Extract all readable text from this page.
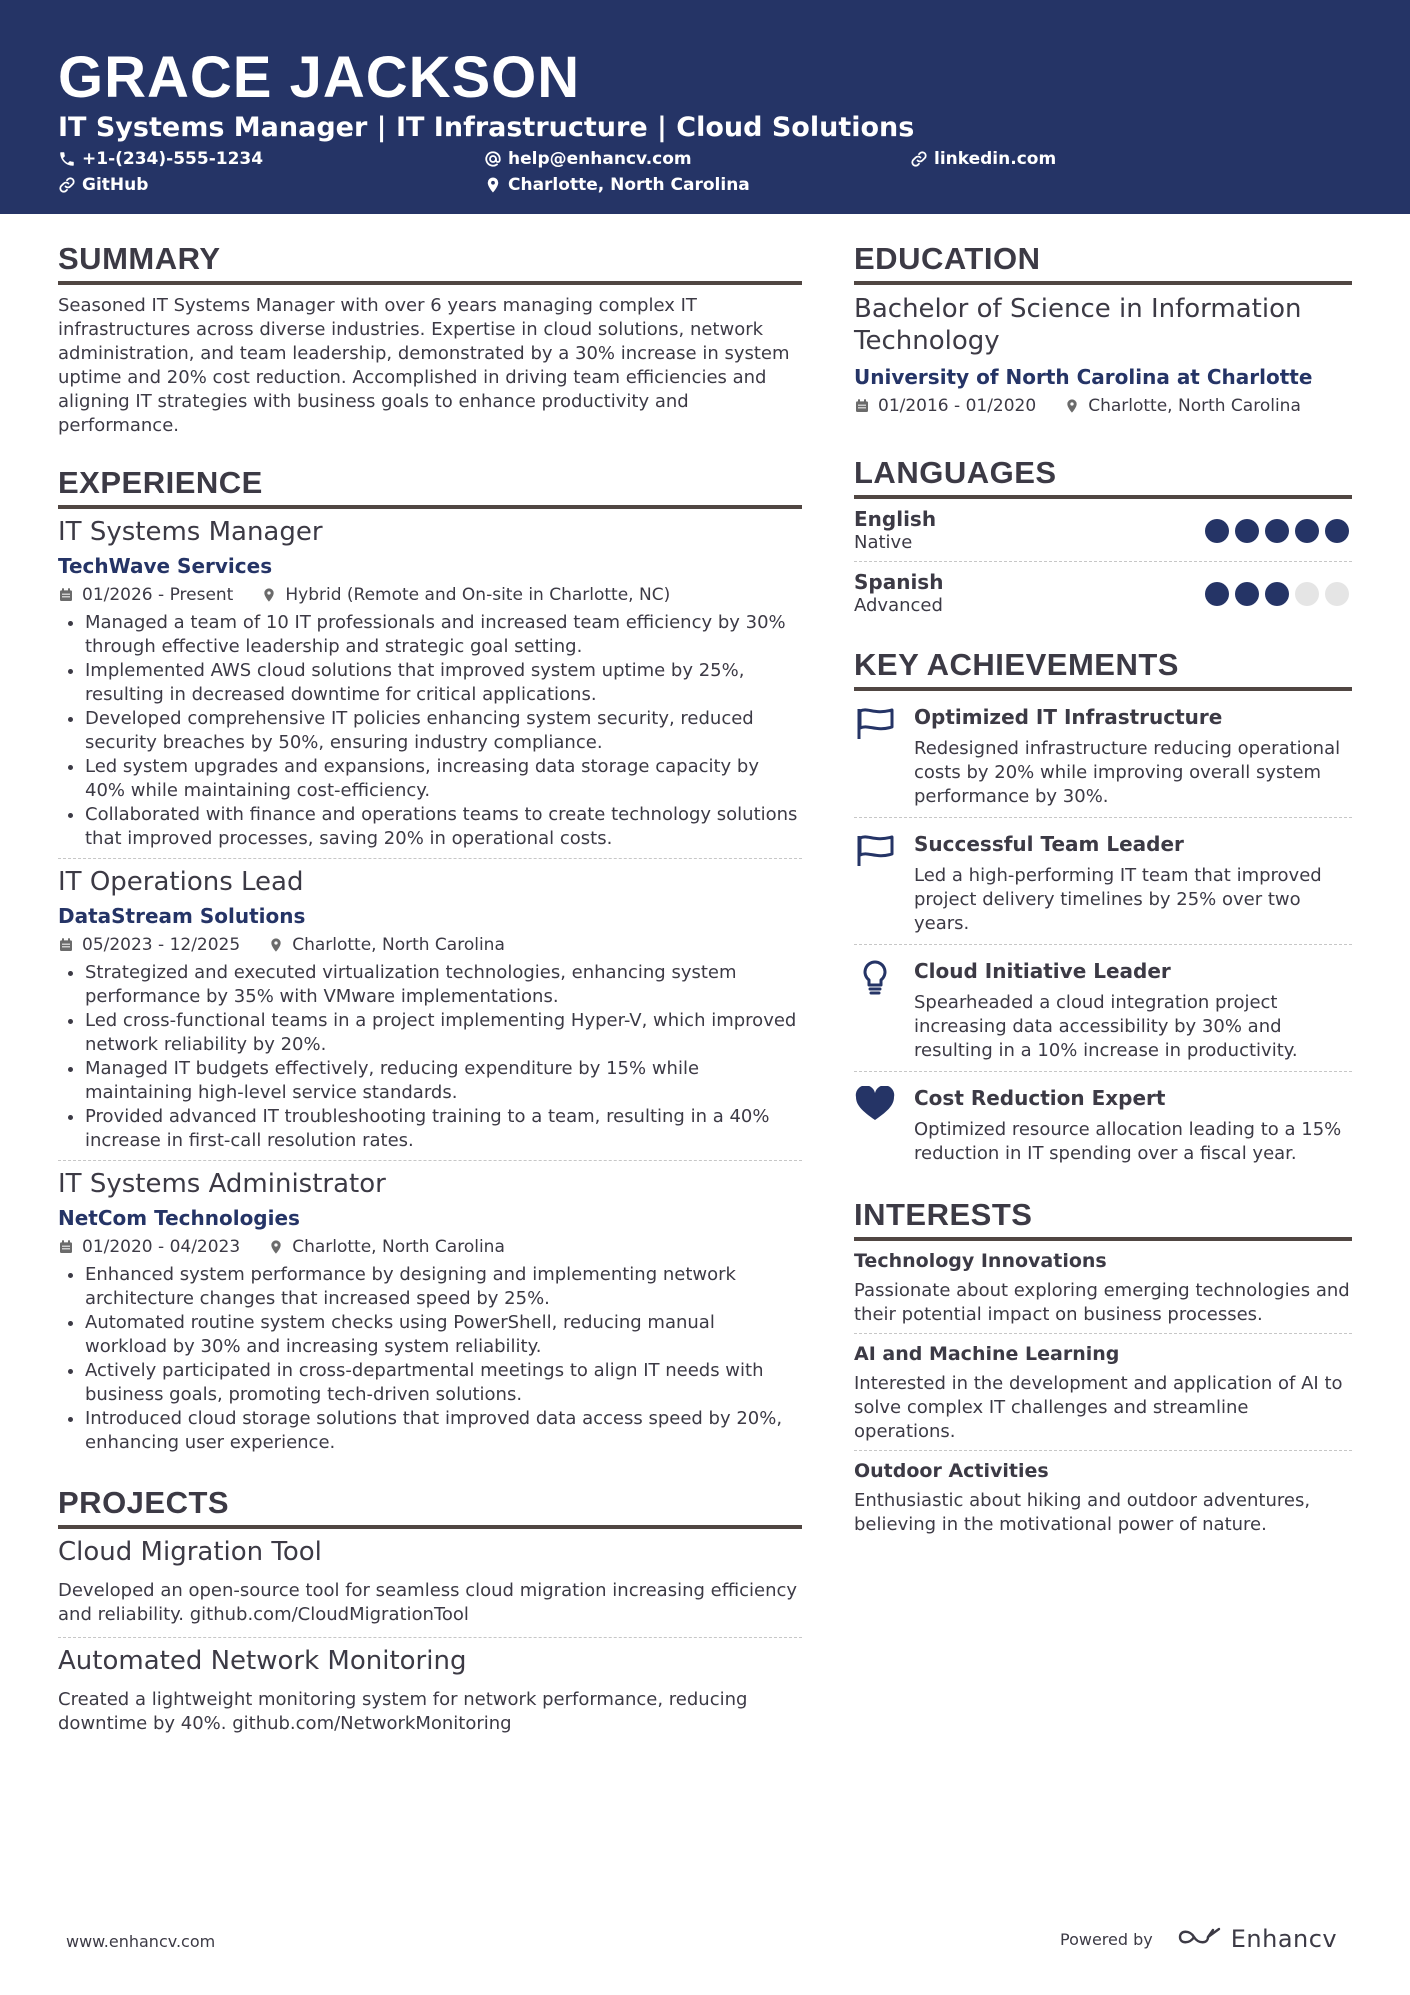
GRACE JACKSON

IT Systems Manager | IT Infrastructure | Cloud Solutions

+1-(234)-555-1234	help@enhancv.com	linkedin.com
GitHub	Charlotte, North Carolina
SUMMARY

Seasoned IT Systems Manager with over 6 years managing complex IT infrastructures across diverse industries. Expertise in cloud solutions, network administration, and team leadership, demonstrated by a 30% increase in system uptime and 20% cost reduction. Accomplished in driving team efficiencies and aligning IT strategies with business goals to enhance productivity and performance.

EXPERIENCE
IT Systems Manager
TechWave Services
01/2026 - Present	Hybrid (Remote and On-site in Charlotte, NC)
• Managed a team of 10 IT professionals and increased team efficiency by 30% through effective leadership and strategic goal setting.
• Implemented AWS cloud solutions that improved system uptime by 25%, resulting in decreased downtime for critical applications.
• Developed comprehensive IT policies enhancing system security, reduced security breaches by 50%, ensuring industry compliance.
• Led system upgrades and expansions, increasing data storage capacity by 40% while maintaining cost-efficiency.
• Collaborated with finance and operations teams to create technology solutions that improved processes, saving 20% in operational costs.
IT Operations Lead
DataStream Solutions
05/2023 - 12/2025	Charlotte, North Carolina
• Strategized and executed virtualization technologies, enhancing system performance by 35% with VMware implementations.
• Led cross-functional teams in a project implementing Hyper-V, which improved network reliability by 20%.
• Managed IT budgets effectively, reducing expenditure by 15% while maintaining high-level service standards.
• Provided advanced IT troubleshooting training to a team, resulting in a 40% increase in first-call resolution rates.
IT Systems Administrator
NetCom Technologies
01/2020 - 04/2023	Charlotte, North Carolina
• Enhanced system performance by designing and implementing network architecture changes that increased speed by 25%.
• Automated routine system checks using PowerShell, reducing manual workload by 30% and increasing system reliability.
• Actively participated in cross-departmental meetings to align IT needs with business goals, promoting tech-driven solutions.
• Introduced cloud storage solutions that improved data access speed by 20%, enhancing user experience.
PROJECTS
Cloud Migration Tool

Developed an open-source tool for seamless cloud migration increasing efficiency and reliability. github.com/CloudMigrationTool

Automated Network Monitoring

Created a lightweight monitoring system for network performance, reducing downtime by 40%. github.com/NetworkMonitoring

EDUCATION
Bachelor of Science in Information Technology
University of North Carolina at Charlotte
01/2016 - 01/2020	Charlotte, North Carolina
LANGUAGES
English
Native
Spanish
Advanced
KEY ACHIEVEMENTS
Optimized IT Infrastructure

Redesigned infrastructure reducing operational costs by 20% while improving overall system performance by 30%.

Successful Team Leader

Led a high-performing IT team that improved project delivery timelines by 25% over two years.

Cloud Initiative Leader

Spearheaded a cloud integration project increasing data accessibility by 30% and resulting in a 10% increase in productivity.

Cost Reduction Expert

Optimized resource allocation leading to a 15% reduction in IT spending over a fiscal year.

INTERESTS
Technology Innovations

Passionate about exploring emerging technologies and their potential impact on business processes.

AI and Machine Learning

Interested in the development and application of AI to solve complex IT challenges and streamline operations.

Outdoor Activities

Enthusiastic about hiking and outdoor adventures, believing in the motivational power of nature.

www.enhancv.com	Powered by	Enhancv
